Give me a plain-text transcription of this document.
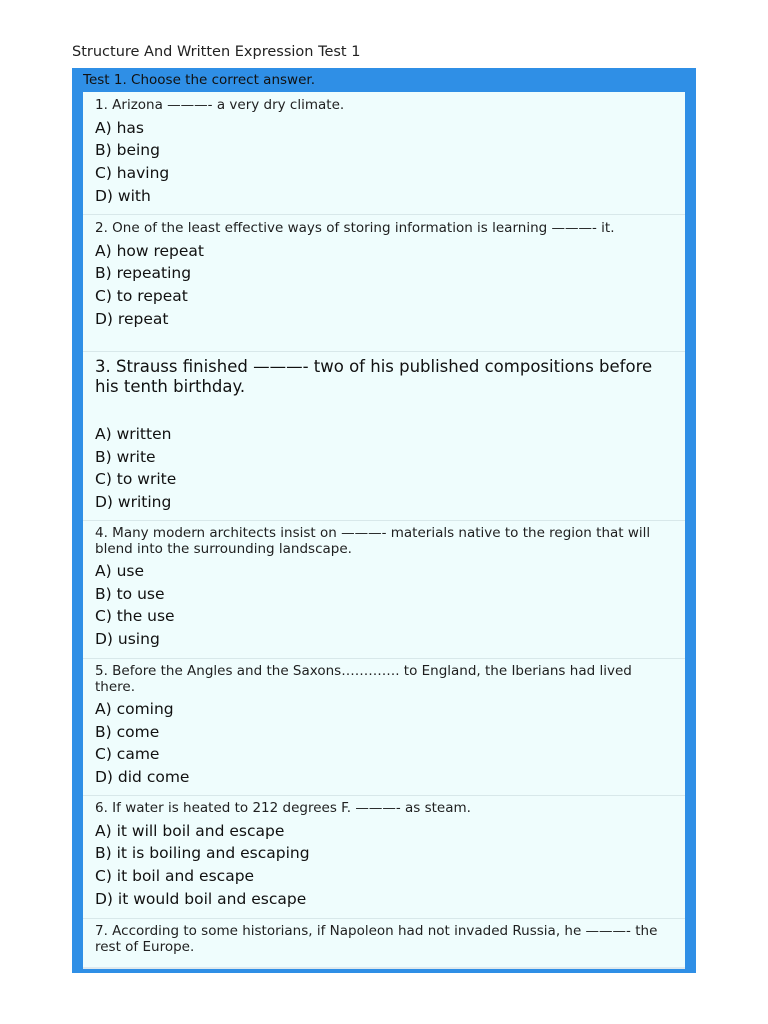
Structure And Written Expression Test 1
Test 1. Choose the correct answer.

1. Arizona ———- a very dry climate.

A) has
B) being
C) having
D) with

2. One of the least effective ways of storing information is learning ———- it.

A) how repeat
B) repeating
C) to repeat
D) repeat

3. Strauss finished ———- two of his published compositions before his tenth birthday.

A) written
B) write
C) to write
D) writing

4. Many modern architects insist on ———- materials native to the region that will blend into the surrounding landscape.

A) use
B) to use
C) the use
D) using

5. Before the Angles and the Saxons…………. to England, the Iberians had lived there.

A) coming
B) come
C) came
D) did come

6. If water is heated to 212 degrees F. ———- as steam.

A) it will boil and escape
B) it is boiling and escaping
C) it boil and escape
D) it would boil and escape

7. According to some historians, if Napoleon had not invaded Russia, he ———- the rest of Europe.
